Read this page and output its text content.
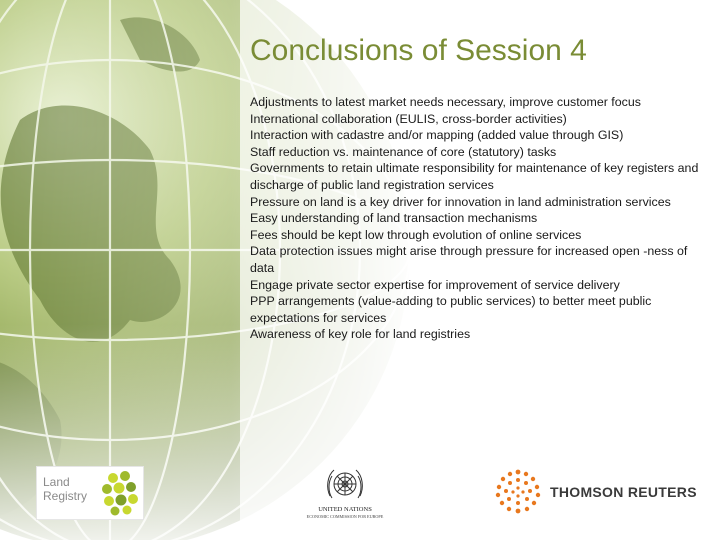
Conclusions of Session 4
Adjustments to latest market needs necessary, improve customer focus
International collaboration (EULIS, cross-border activities)
Interaction with cadastre and/or mapping (added value through GIS)
Staff reduction vs. maintenance of core (statutory) tasks
Governments to retain ultimate responsibility for maintenance of key registers and discharge of public land registration services
Pressure on land is a key driver for innovation in land administration services
Easy understanding of land transaction mechanisms
Fees should be kept low through evolution of online services
Data protection issues might arise through pressure for increased open -ness of data
Engage private sector expertise for improvement of service delivery
PPP arrangements (value-adding to public services) to better meet public expectations for services
Awareness of key role for land registries
Land
Registry
UNITED NATIONS
ECONOMIC COMMISSION FOR EUROPE
THOMSON REUTERS
